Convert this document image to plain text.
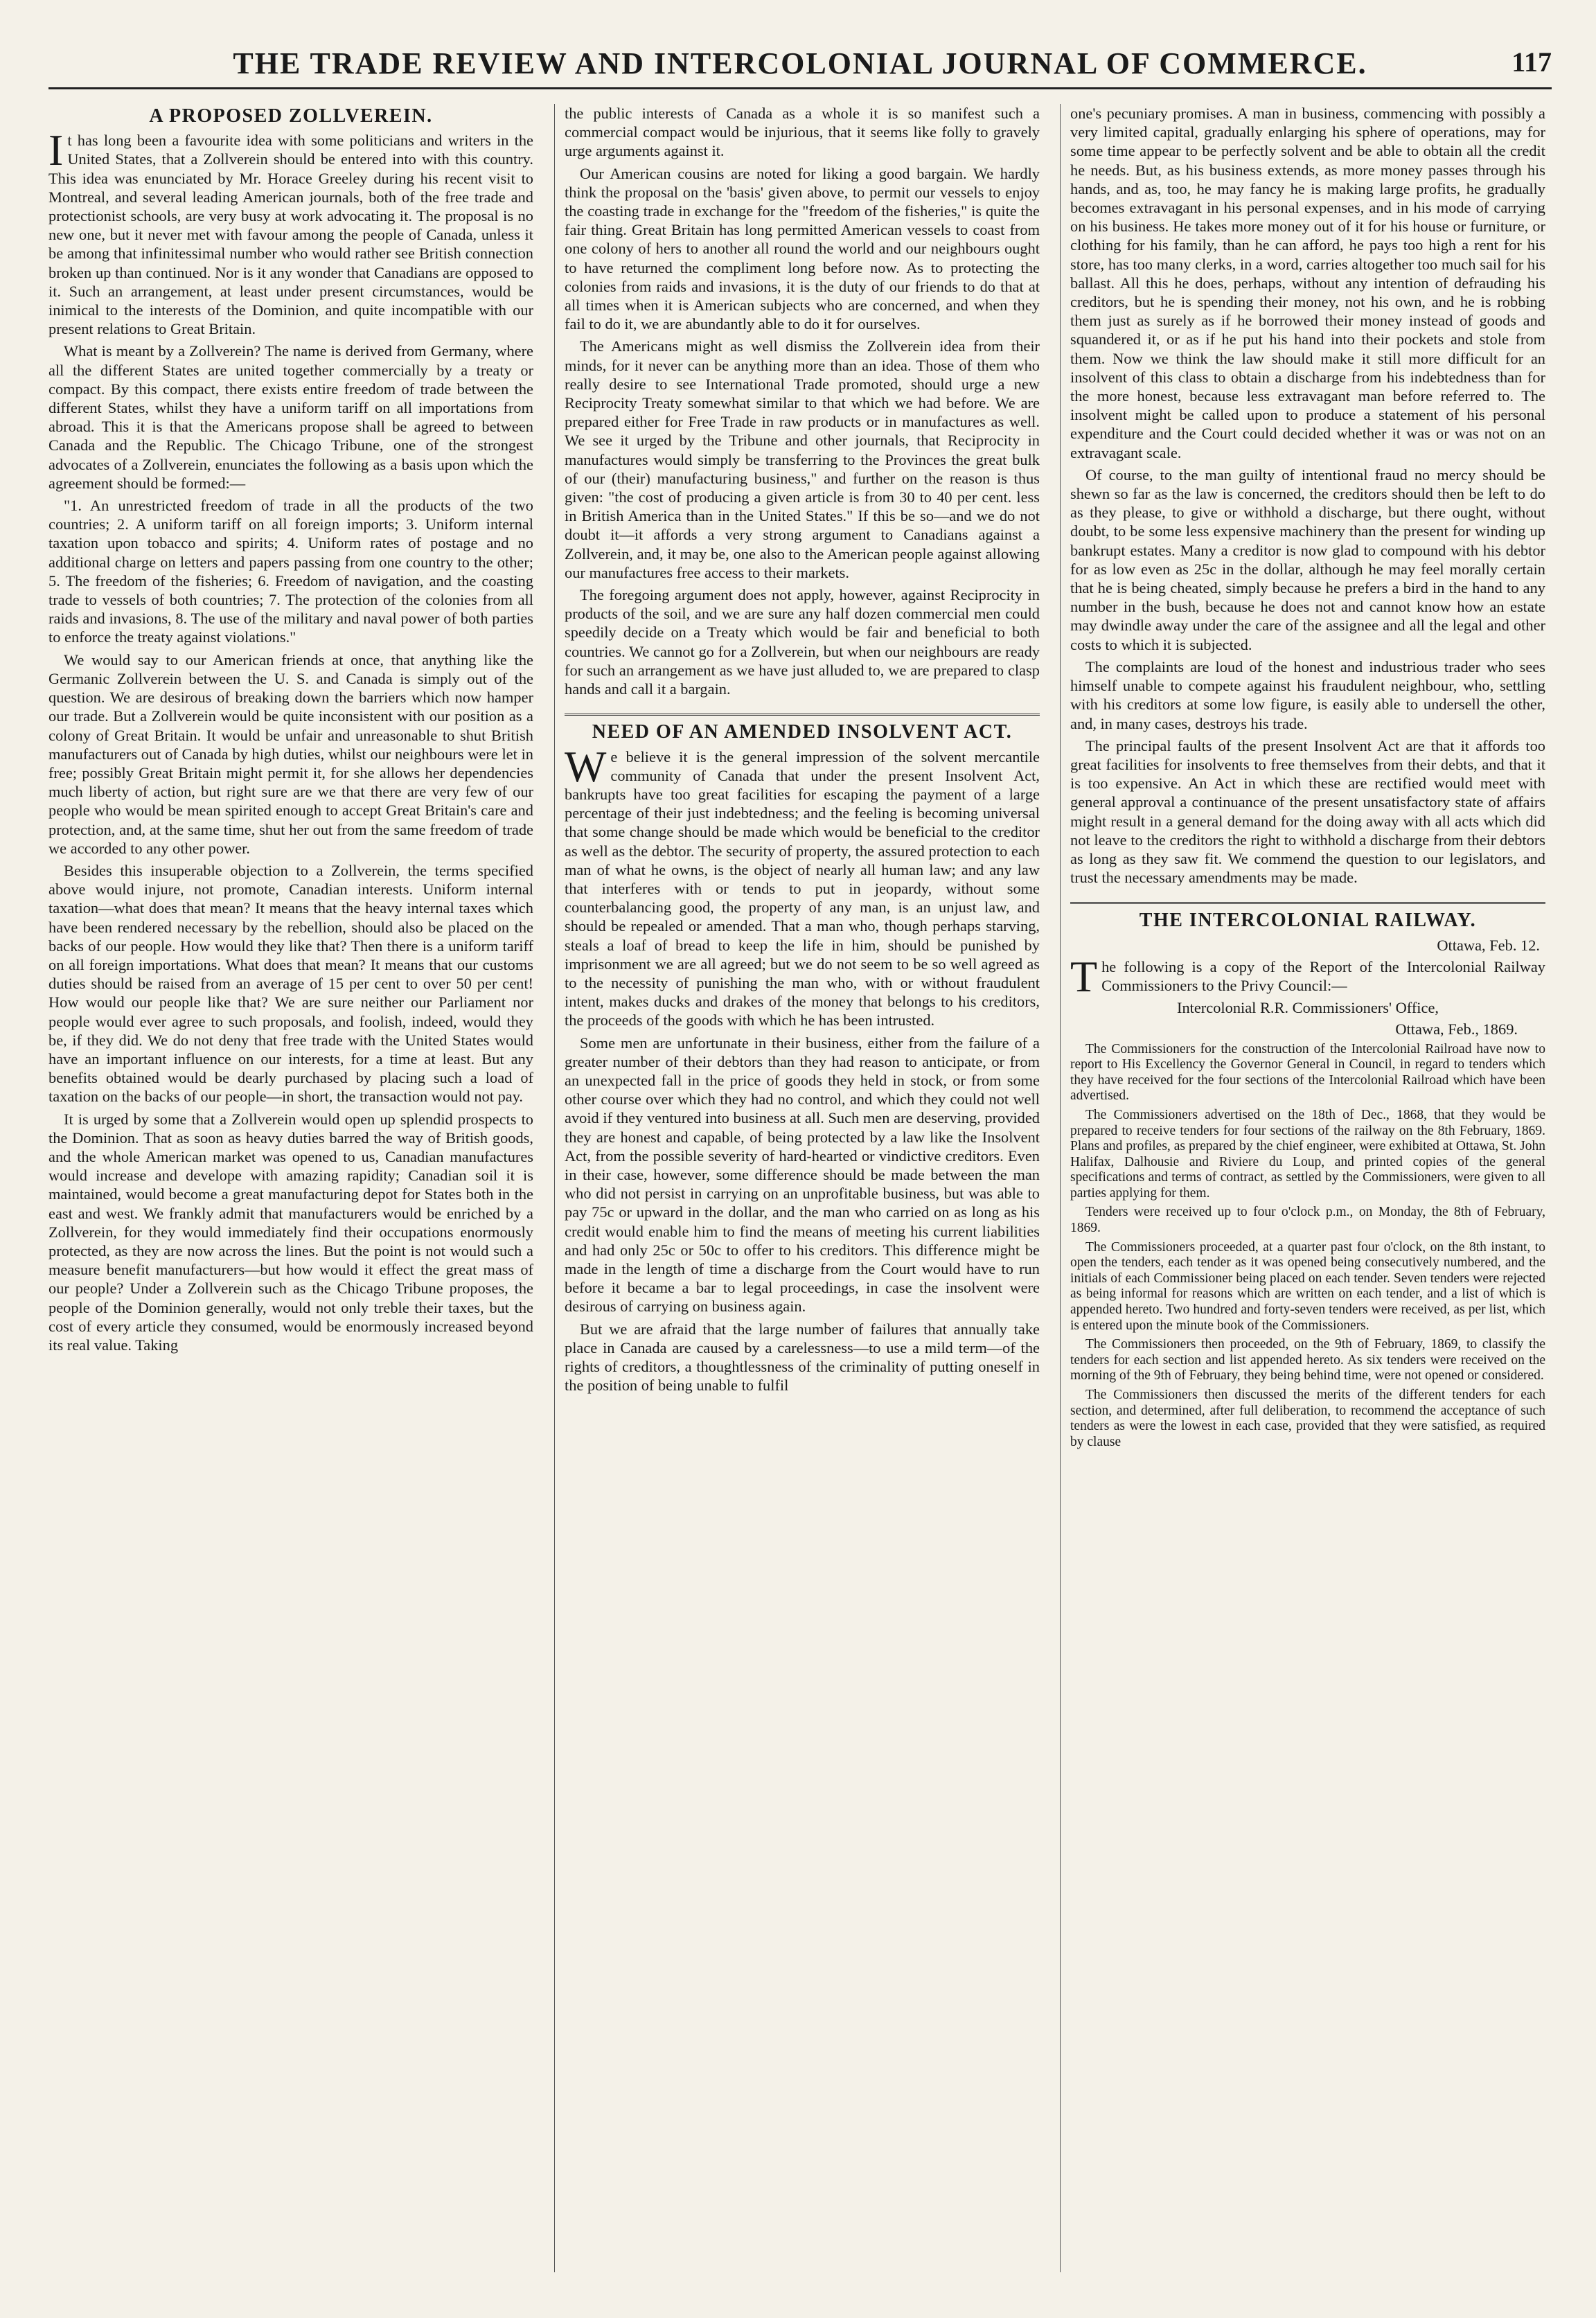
THE TRADE REVIEW AND INTERCOLONIAL JOURNAL OF COMMERCE.	117
A PROPOSED ZOLLVEREIN.

It has long been a favourite idea with some politicians and writers in the United States, that a Zollverein should be entered into with this country. This idea was enunciated by Mr. Horace Greeley during his recent visit to Montreal, and several leading American journals, both of the free trade and protectionist schools, are very busy at work advocating it. The proposal is no new one, but it never met with favour among the people of Canada, unless it be among that infinitessimal number who would rather see British connection broken up than continued. Nor is it any wonder that Canadians are opposed to it. Such an arrangement, at least under present circumstances, would be inimical to the interests of the Dominion, and quite incompatible with our present relations to Great Britain.

What is meant by a Zollverein? The name is derived from Germany, where all the different States are united together commercially by a treaty or compact. By this compact, there exists entire freedom of trade between the different States, whilst they have a uniform tariff on all importations from abroad. This it is that the Americans propose shall be agreed to between Canada and the Republic. The Chicago Tribune, one of the strongest advocates of a Zollverein, enunciates the following as a basis upon which the agreement should be formed:—

"1. An unrestricted freedom of trade in all the products of the two countries; 2. A uniform tariff on all foreign imports; 3. Uniform internal taxation upon tobacco and spirits; 4. Uniform rates of postage and no additional charge on letters and papers passing from one country to the other; 5. The freedom of the fisheries; 6. Freedom of navigation, and the coasting trade to vessels of both countries; 7. The protection of the colonies from all raids and invasions, 8. The use of the military and naval power of both parties to enforce the treaty against violations."

We would say to our American friends at once, that anything like the Germanic Zollverein between the U. S. and Canada is simply out of the question. We are desirous of breaking down the barriers which now hamper our trade. But a Zollverein would be quite inconsistent with our position as a colony of Great Britain. It would be unfair and unreasonable to shut British manufacturers out of Canada by high duties, whilst our neighbours were let in free; possibly Great Britain might permit it, for she allows her dependencies much liberty of action, but right sure are we that there are very few of our people who would be mean spirited enough to accept Great Britain's care and protection, and, at the same time, shut her out from the same freedom of trade we accorded to any other power.

Besides this insuperable objection to a Zollverein, the terms specified above would injure, not promote, Canadian interests. Uniform internal taxation—what does that mean? It means that the heavy internal taxes which have been rendered necessary by the rebellion, should also be placed on the backs of our people. How would they like that? Then there is a uniform tariff on all foreign importations. What does that mean? It means that our customs duties should be raised from an average of 15 per cent to over 50 per cent! How would our people like that? We are sure neither our Parliament nor people would ever agree to such proposals, and foolish, indeed, would they be, if they did. We do not deny that free trade with the United States would have an important influence on our interests, for a time at least. But any benefits obtained would be dearly purchased by placing such a load of taxation on the backs of our people—in short, the transaction would not pay.

It is urged by some that a Zollverein would open up splendid prospects to the Dominion. That as soon as heavy duties barred the way of British goods, and the whole American market was opened to us, Canadian manufactures would increase and develope with amazing rapidity; Canadian soil it is maintained, would become a great manufacturing depot for States both in the east and west. We frankly admit that manufacturers would be enriched by a Zollverein, for they would immediately find their occupations enormously protected, as they are now across the lines. But the point is not would such a measure benefit manufacturers—but how would it effect the great mass of our people? Under a Zollverein such as the Chicago Tribune proposes, the people of the Dominion generally, would not only treble their taxes, but the cost of every article they consumed, would be enormously increased beyond its real value. Taking

the public interests of Canada as a whole it is so manifest such a commercial compact would be injurious, that it seems like folly to gravely urge arguments against it.

Our American cousins are noted for liking a good bargain. We hardly think the proposal on the 'basis' given above, to permit our vessels to enjoy the coasting trade in exchange for the "freedom of the fisheries," is quite the fair thing. Great Britain has long permitted American vessels to coast from one colony of hers to another all round the world and our neighbours ought to have returned the compliment long before now. As to protecting the colonies from raids and invasions, it is the duty of our friends to do that at all times when it is American subjects who are concerned, and when they fail to do it, we are abundantly able to do it for ourselves.

The Americans might as well dismiss the Zollverein idea from their minds, for it never can be anything more than an idea. Those of them who really desire to see International Trade promoted, should urge a new Reciprocity Treaty somewhat similar to that which we had before. We are prepared either for Free Trade in raw products or in manufactures as well. We see it urged by the Tribune and other journals, that Reciprocity in manufactures would simply be transferring to the Provinces the great bulk of our (their) manufacturing business," and further on the reason is thus given: "the cost of producing a given article is from 30 to 40 per cent. less in British America than in the United States." If this be so—and we do not doubt it—it affords a very strong argument to Canadians against a Zollverein, and, it may be, one also to the American people against allowing our manufactures free access to their markets.

The foregoing argument does not apply, however, against Reciprocity in products of the soil, and we are sure any half dozen commercial men could speedily decide on a Treaty which would be fair and beneficial to both countries. We cannot go for a Zollverein, but when our neighbours are ready for such an arrangement as we have just alluded to, we are prepared to clasp hands and call it a bargain.

NEED OF AN AMENDED INSOLVENT ACT.

We believe it is the general impression of the solvent mercantile community of Canada that under the present Insolvent Act, bankrupts have too great facilities for escaping the payment of a large percentage of their just indebtedness; and the feeling is becoming universal that some change should be made which would be beneficial to the creditor as well as the debtor. The security of property, the assured protection to each man of what he owns, is the object of nearly all human law; and any law that interferes with or tends to put in jeopardy, without some counterbalancing good, the property of any man, is an unjust law, and should be repealed or amended. That a man who, though perhaps starving, steals a loaf of bread to keep the life in him, should be punished by imprisonment we are all agreed; but we do not seem to be so well agreed as to the necessity of punishing the man who, with or without fraudulent intent, makes ducks and drakes of the money that belongs to his creditors, the proceeds of the goods with which he has been intrusted.

Some men are unfortunate in their business, either from the failure of a greater number of their debtors than they had reason to anticipate, or from an unexpected fall in the price of goods they held in stock, or from some other course over which they had no control, and which they could not well avoid if they ventured into business at all. Such men are deserving, provided they are honest and capable, of being protected by a law like the Insolvent Act, from the possible severity of hard-hearted or vindictive creditors. Even in their case, however, some difference should be made between the man who did not persist in carrying on an unprofitable business, but was able to pay 75c or upward in the dollar, and the man who carried on as long as his credit would enable him to find the means of meeting his current liabilities and had only 25c or 50c to offer to his creditors. This difference might be made in the length of time a discharge from the Court would have to run before it became a bar to legal proceedings, in case the insolvent were desirous of carrying on business again.

But we are afraid that the large number of failures that annually take place in Canada are caused by a carelessness—to use a mild term—of the rights of creditors, a thoughtlessness of the criminality of putting oneself in the position of being unable to fulfil

one's pecuniary promises. A man in business, commencing with possibly a very limited capital, gradually enlarging his sphere of operations, may for some time appear to be perfectly solvent and be able to obtain all the credit he needs. But, as his business extends, as more money passes through his hands, and as, too, he may fancy he is making large profits, he gradually becomes extravagant in his personal expenses, and in his mode of carrying on his business. He takes more money out of it for his house or furniture, or clothing for his family, than he can afford, he pays too high a rent for his store, has too many clerks, in a word, carries altogether too much sail for his ballast. All this he does, perhaps, without any intention of defrauding his creditors, but he is spending their money, not his own, and he is robbing them just as surely as if he borrowed their money instead of goods and squandered it, or as if he put his hand into their pockets and stole from them. Now we think the law should make it still more difficult for an insolvent of this class to obtain a discharge from his indebtedness than for the more honest, because less extravagant man before referred to. The insolvent might be called upon to produce a statement of his personal expenditure and the Court could decided whether it was or was not on an extravagant scale.

Of course, to the man guilty of intentional fraud no mercy should be shewn so far as the law is concerned, the creditors should then be left to do as they please, to give or withhold a discharge, but there ought, without doubt, to be some less expensive machinery than the present for winding up bankrupt estates. Many a creditor is now glad to compound with his debtor for as low even as 25c in the dollar, although he may feel morally certain that he is being cheated, simply because he prefers a bird in the hand to any number in the bush, because he does not and cannot know how an estate may dwindle away under the care of the assignee and all the legal and other costs to which it is subjected.

The complaints are loud of the honest and industrious trader who sees himself unable to compete against his fraudulent neighbour, who, settling with his creditors at some low figure, is easily able to undersell the other, and, in many cases, destroys his trade.

The principal faults of the present Insolvent Act are that it affords too great facilities for insolvents to free themselves from their debts, and that it is too expensive. An Act in which these are rectified would meet with general approval a continuance of the present unsatisfactory state of affairs might result in a general demand for the doing away with all acts which did not leave to the creditors the right to withhold a discharge from their debtors as long as they saw fit. We commend the question to our legislators, and trust the necessary amendments may be made.

THE INTERCOLONIAL RAILWAY.
Ottawa, Feb. 12.

The following is a copy of the Report of the Intercolonial Railway Commissioners to the Privy Council:—

Intercolonial R.R. Commissioners' Office,
Ottawa, Feb., 1869.

The Commissioners for the construction of the Intercolonial Railroad have now to report to His Excellency the Governor General in Council, in regard to tenders which they have received for the four sections of the Intercolonial Railroad which have been advertised.

The Commissioners advertised on the 18th of Dec., 1868, that they would be prepared to receive tenders for four sections of the railway on the 8th February, 1869. Plans and profiles, as prepared by the chief engineer, were exhibited at Ottawa, St. John Halifax, Dalhousie and Riviere du Loup, and printed copies of the general specifications and terms of contract, as settled by the Commissioners, were given to all parties applying for them.

Tenders were received up to four o'clock p.m., on Monday, the 8th of February, 1869.

The Commissioners proceeded, at a quarter past four o'clock, on the 8th instant, to open the tenders, each tender as it was opened being consecutively numbered, and the initials of each Commissioner being placed on each tender. Seven tenders were rejected as being informal for reasons which are written on each tender, and a list of which is appended hereto. Two hundred and forty-seven tenders were received, as per list, which is entered upon the minute book of the Commissioners.

The Commissioners then proceeded, on the 9th of February, 1869, to classify the tenders for each section and list appended hereto. As six tenders were received on the morning of the 9th of February, they being behind time, were not opened or considered.

The Commissioners then discussed the merits of the different tenders for each section, and determined, after full deliberation, to recommend the acceptance of such tenders as were the lowest in each case, provided that they were satisfied, as required by clause
